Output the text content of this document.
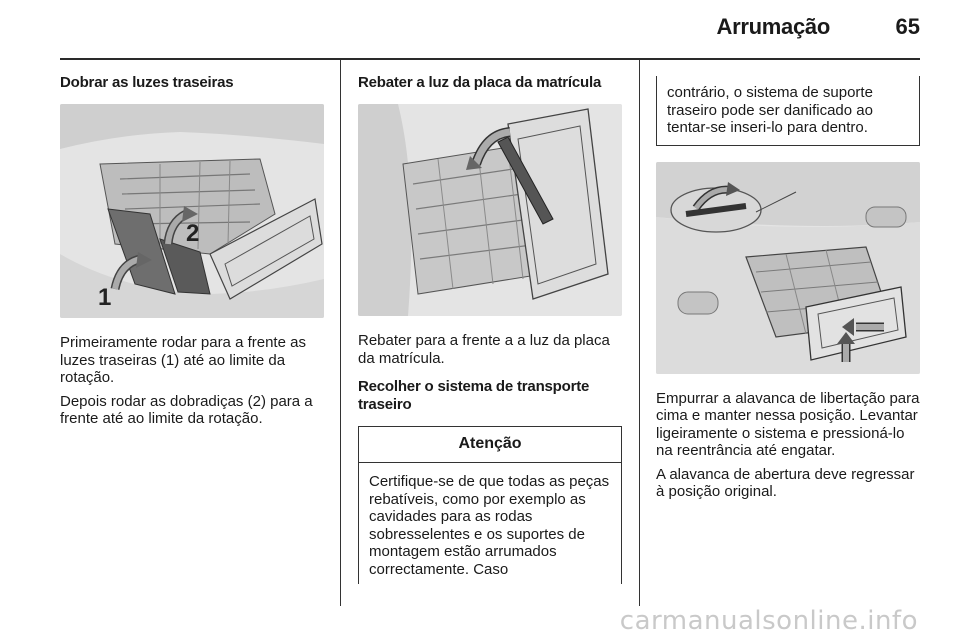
Arrumação	65
Dobrar as luzes traseiras
1
2

Primeiramente rodar para a frente as luzes traseiras (1) até ao limite da rotação.

Depois rodar as dobradiças (2) para a frente até ao limite da rotação.

Rebater a luz da placa da matrícula

Rebater para a frente a a luz da placa da matrícula.

Recolher o sistema de transporte traseiro
Atenção
Certifique-se de que todas as peças rebatíveis, como por exemplo as cavidades para as rodas sobresselentes e os suportes de montagem estão arrumados correctamente. Caso
contrário, o sistema de suporte traseiro pode ser danificado ao tentar-se inseri-lo para dentro.

Empurrar a alavanca de libertação para cima e manter nessa posição. Levantar ligeiramente o sistema e pressioná-lo na reentrância até engatar.

A alavanca de abertura deve regressar à posição original.

carmanualsonline.info
